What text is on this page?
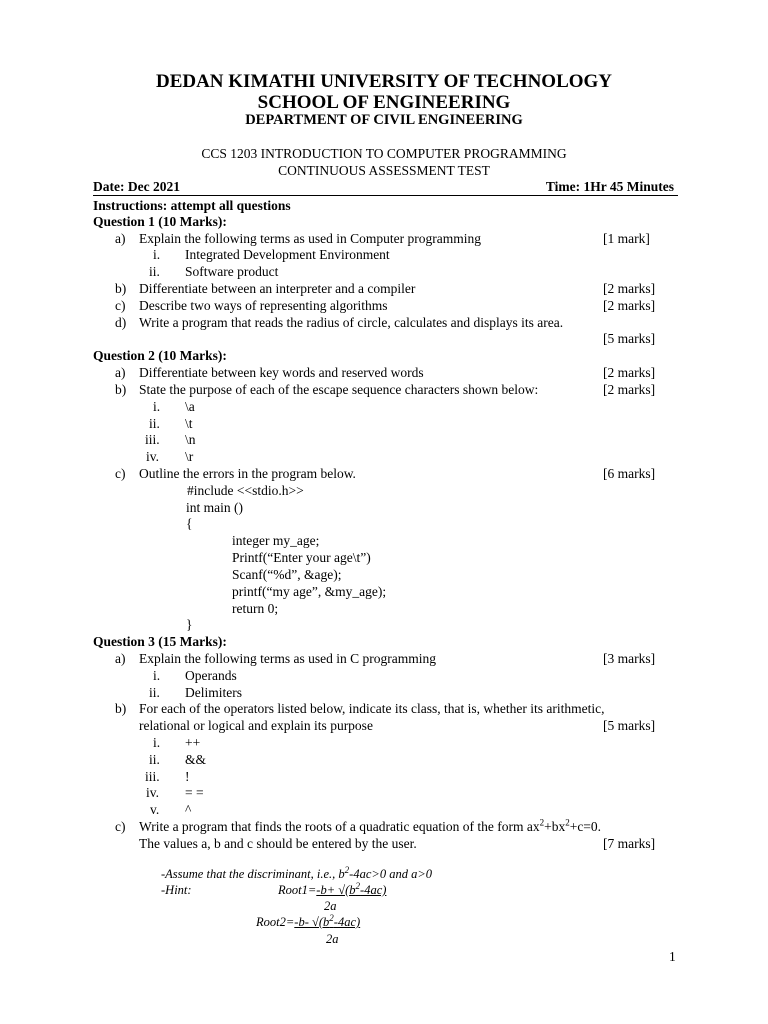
DEDAN KIMATHI UNIVERSITY OF TECHNOLOGY
SCHOOL OF ENGINEERING
DEPARTMENT OF CIVIL ENGINEERING
CCS 1203 INTRODUCTION TO COMPUTER PROGRAMMING
CONTINUOUS ASSESSMENT TEST
Date: Dec 2021	Time: 1Hr 45 Minutes
Instructions: attempt all questions
Question 1 (10 Marks):
a) Explain the following terms as used in Computer programming	[1 mark]
i. Integrated Development Environment
ii. Software product
b) Differentiate between an interpreter and a compiler	[2 marks]
c) Describe two ways of representing algorithms	[2 marks]
d) Write a program that reads the radius of circle, calculates and displays its area.
[5 marks]
Question 2 (10 Marks):
a) Differentiate between key words and reserved words	[2 marks]
b) State the purpose of each of the escape sequence characters shown below:	[2 marks]
i. \a
ii. \t
iii. \n
iv. \r
c) Outline the errors in the program below.	[6 marks]
#include <<stdio.h>>
int main ()
{
integer my_age;
Printf(“Enter your age\t”)
Scanf(“%d”, &age);
printf(“my age”, &my_age);
return 0;
}
Question 3 (15 Marks):
a) Explain the following terms as used in C programming	[3 marks]
i. Operands
ii. Delimiters
b) For each of the operators listed below, indicate its class, that is, whether its arithmetic,
relational or logical and explain its purpose	[5 marks]
i. ++
ii. &&
iii. !
iv. = =
v. ^
c) Write a program that finds the roots of a quadratic equation of the form $ax^2+bx^2+c=0$.
The values a, b and c should be entered by the user.	[7 marks]
-Assume that the discriminant, i.e., $b^2-4ac>0$ and a>0
-Hint:	Root1=-b+ $√(b^2-4ac)$
2a
Root2=-b- $√(b^2-4ac)$
2a
1
